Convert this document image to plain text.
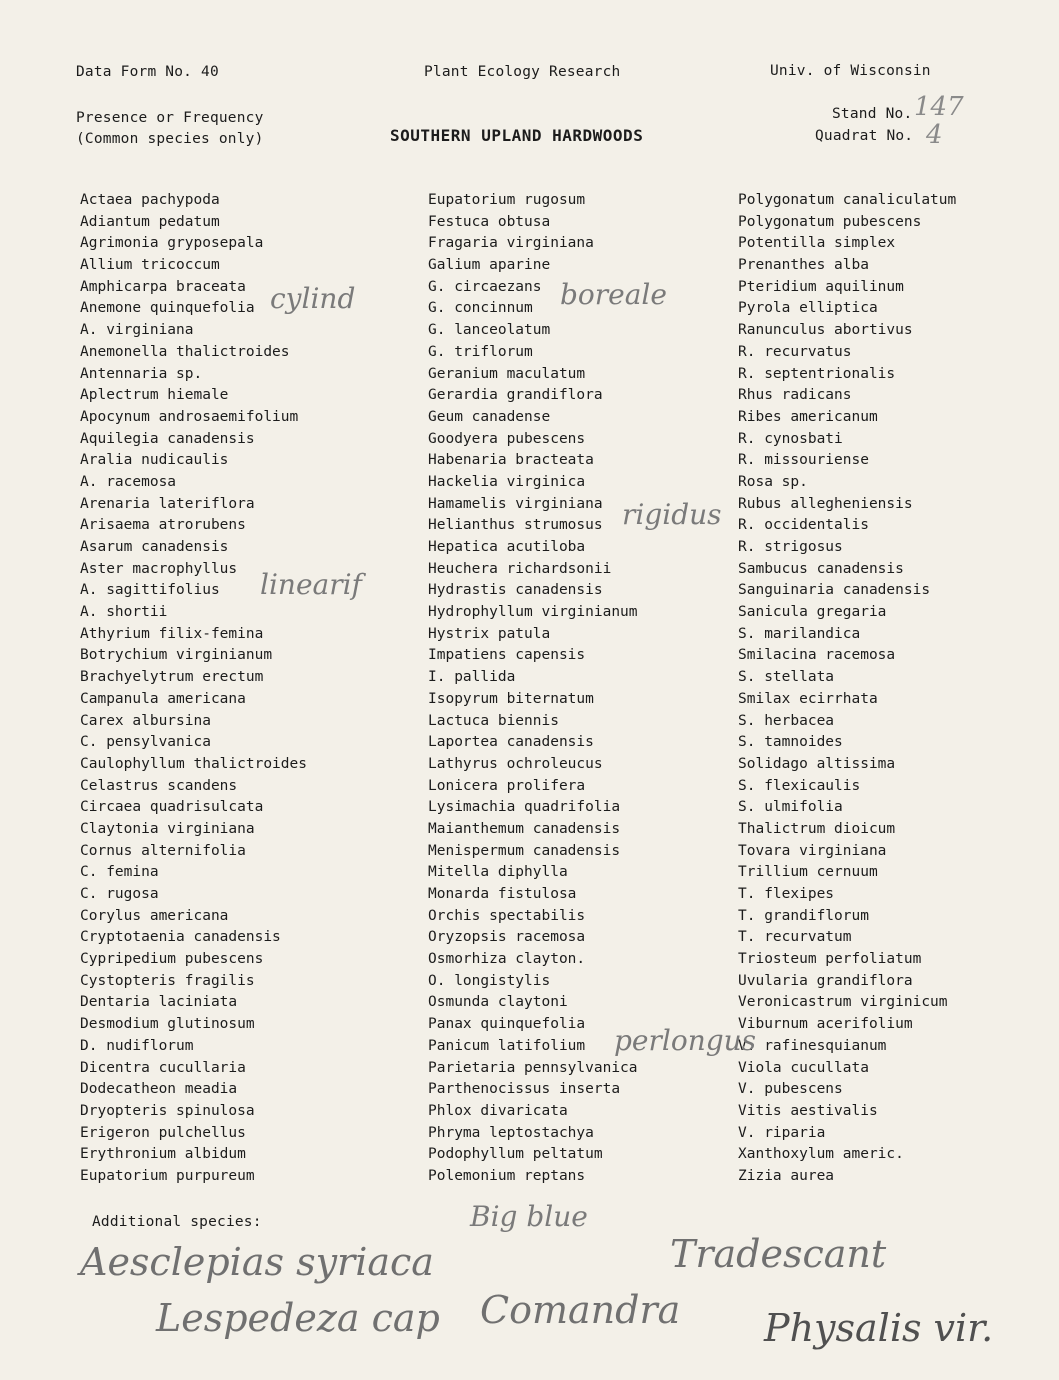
Data Form No. 40	Plant Ecology Research	Univ. of Wisconsin
Presence or Frequency
(Common species only)	SOUTHERN UPLAND HARDWOODS
Stand No. 147
Quadrat No. 4
Actaea pachypoda
Adiantum pedatum
Agrimonia gryposepala
Allium tricoccum
Amphicarpa braceata
Anemone quinquefolia
A. virginiana
Anemonella thalictroides
Antennaria sp.
Aplectrum hiemale
Apocynum androsaemifolium
Aquilegia canadensis
Aralia nudicaulis
A. racemosa
Arenaria lateriflora
Arisaema atrorubens
Asarum canadensis
Aster macrophyllus
A. sagittifolius
A. shortii
Athyrium filix-femina
Botrychium virginianum
Brachyelytrum erectum
Campanula americana
Carex albursina
C. pensylvanica
Caulophyllum thalictroides
Celastrus scandens
Circaea quadrisulcata
Claytonia virginiana
Cornus alternifolia
C. femina
C. rugosa
Corylus americana
Cryptotaenia canadensis
Cypripedium pubescens
Cystopteris fragilis
Dentaria laciniata
Desmodium glutinosum
D. nudiflorum
Dicentra cucullaria
Dodecatheon meadia
Dryopteris spinulosa
Erigeron pulchellus
Erythronium albidum
Eupatorium purpureum
Eupatorium rugosum
Festuca obtusa
Fragaria virginiana
Galium aparine
G. circaezans
G. concinnum
G. lanceolatum
G. triflorum
Geranium maculatum
Gerardia grandiflora
Geum canadense
Goodyera pubescens
Habenaria bracteata
Hackelia virginica
Hamamelis virginiana
Helianthus strumosus
Hepatica acutiloba
Heuchera richardsonii
Hydrastis canadensis
Hydrophyllum virginianum
Hystrix patula
Impatiens capensis
I. pallida
Isopyrum biternatum
Lactuca biennis
Laportea canadensis
Lathyrus ochroleucus
Lonicera prolifera
Lysimachia quadrifolia
Maianthemum canadensis
Menispermum canadensis
Mitella diphylla
Monarda fistulosa
Orchis spectabilis
Oryzopsis racemosa
Osmorhiza clayton.
O. longistylis
Osmunda claytoni
Panax quinquefolia
Panicum latifolium
Parietaria pennsylvanica
Parthenocissus inserta
Phlox divaricata
Phryma leptostachya
Podophyllum peltatum
Polemonium reptans
Polygonatum canaliculatum
Polygonatum pubescens
Potentilla simplex
Prenanthes alba
Pteridium aquilinum
Pyrola elliptica
Ranunculus abortivus
R. recurvatus
R. septentrionalis
Rhus radicans
Ribes americanum
R. cynosbati
R. missouriense
Rosa sp.
Rubus allegheniensis
R. occidentalis
R. strigosus
Sambucus canadensis
Sanguinaria canadensis
Sanicula gregaria
S. marilandica
Smilacina racemosa
S. stellata
Smilax ecirrhata
S. herbacea
S. tamnoides
Solidago altissima
S. flexicaulis
S. ulmifolia
Thalictrum dioicum
Tovara virginiana
Trillium cernuum
T. flexipes
T. grandiflorum
T. recurvatum
Triosteum perfoliatum
Uvularia grandiflora
Veronicastrum virginicum
Viburnum acerifolium
V. rafinesquianum
Viola cucullata
V. pubescens
Vitis aestivalis
V. riparia
Xanthoxylum americ.
Zizia aurea
cylind
linearif
boreale
rigidus
perlongus
Additional species:
Aesclepias syriaca
Big blue
Tradescant
Lespedeza cap Comandra Physalis vir.
